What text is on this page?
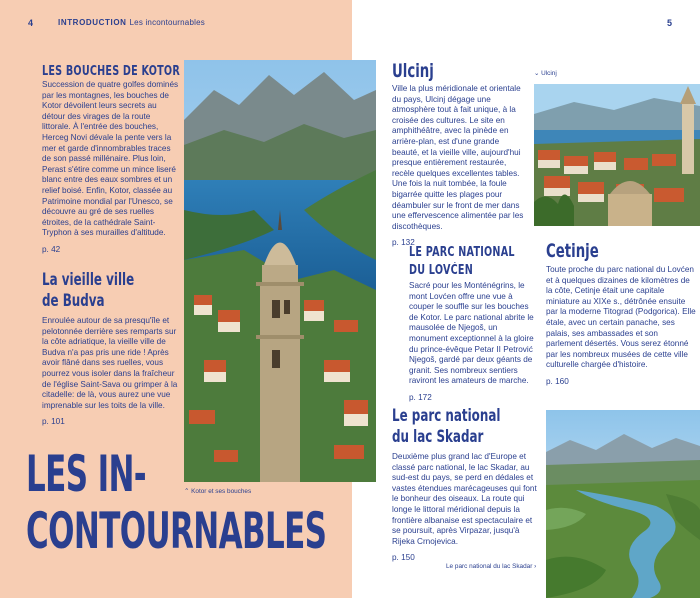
4	INTRODUCTION Les incontournables	5
LES BOUCHES DE KOTOR
Succession de quatre golfes dominés par les montagnes, les bouches de Kotor dévoilent leurs secrets au détour des virages de la route littorale. À l'entrée des bouches, Herceg Novi dévale la pente vers la mer et garde d'innombrables traces de son passé millénaire. Plus loin, Perast s'étire comme un mince liseré blanc entre des eaux sombres et un relief boisé. Enfin, Kotor, classée au Patrimoine mondial par l'Unesco, se découvre au gré de ses ruelles étroites, de la cathédrale Saint-Tryphon à ses murailles d'altitude.
p. 42
La vieille ville
de Budva
Enroulée autour de sa presqu'île et pelotonnée derrière ses remparts sur la côte adriatique, la vieille ville de Budva n'a pas pris une ride ! Après avoir flâné dans ses ruelles, vous pourrez vous isoler dans la fraîcheur de l'église Saint-Sava ou grimper à la citadelle: de là, vous aurez une vue imprenable sur les toits de la ville.
p. 101
⌃ Kotor et ses bouches
LES IN-
CONTOURNABLES
Ulcinj
Ville la plus méridionale et orientale du pays, Ulcinj dégage une atmosphère tout à fait unique, à la croisée des cultures. Le site en amphithéâtre, avec la pinède en arrière-plan, est d'une grande beauté, et la vieille ville, aujourd'hui presque entièrement restaurée, recèle quelques excellentes tables. Une fois la nuit tombée, la foule bigarrée quitte les plages pour déambuler sur le front de mer dans une effervescence alimentée par les discothèques.
p. 132
⌄ Ulcinj
LE PARC NATIONAL
DU LOVĆEN
Sacré pour les Monténégrins, le mont Lovćen offre une vue à couper le souffle sur les bouches de Kotor. Le parc national abrite le mausolée de Njegoš, un monument exceptionnel à la gloire du prince-évêque Petar II Petrović Njegoš, gardé par deux géants de granit. Ses nombreux sentiers raviront les amateurs de marche.
p. 172
Cetinje
Toute proche du parc national du Lovćen et à quelques dizaines de kilomètres de la côte, Cetinje était une capitale miniature au XIXe s., détrônée ensuite par la moderne Titograd (Podgorica). Elle étale, avec un certain panache, ses palais, ses ambassades et son parlement désertés. Vous serez étonné par les nombreux musées de cette ville culturelle chargée d'histoire.
p. 160
Le parc national
du lac Skadar
Deuxième plus grand lac d'Europe et classé parc national, le lac Skadar, au sud-est du pays, se perd en dédales et vastes étendues marécageuses qui font le bonheur des oiseaux. La route qui longe le littoral méridional depuis la frontière albanaise est spectaculaire et se poursuit, après Virpazar, jusqu'à Rijeka Crnojevica.
p. 150
Le parc national du lac Skadar ›
